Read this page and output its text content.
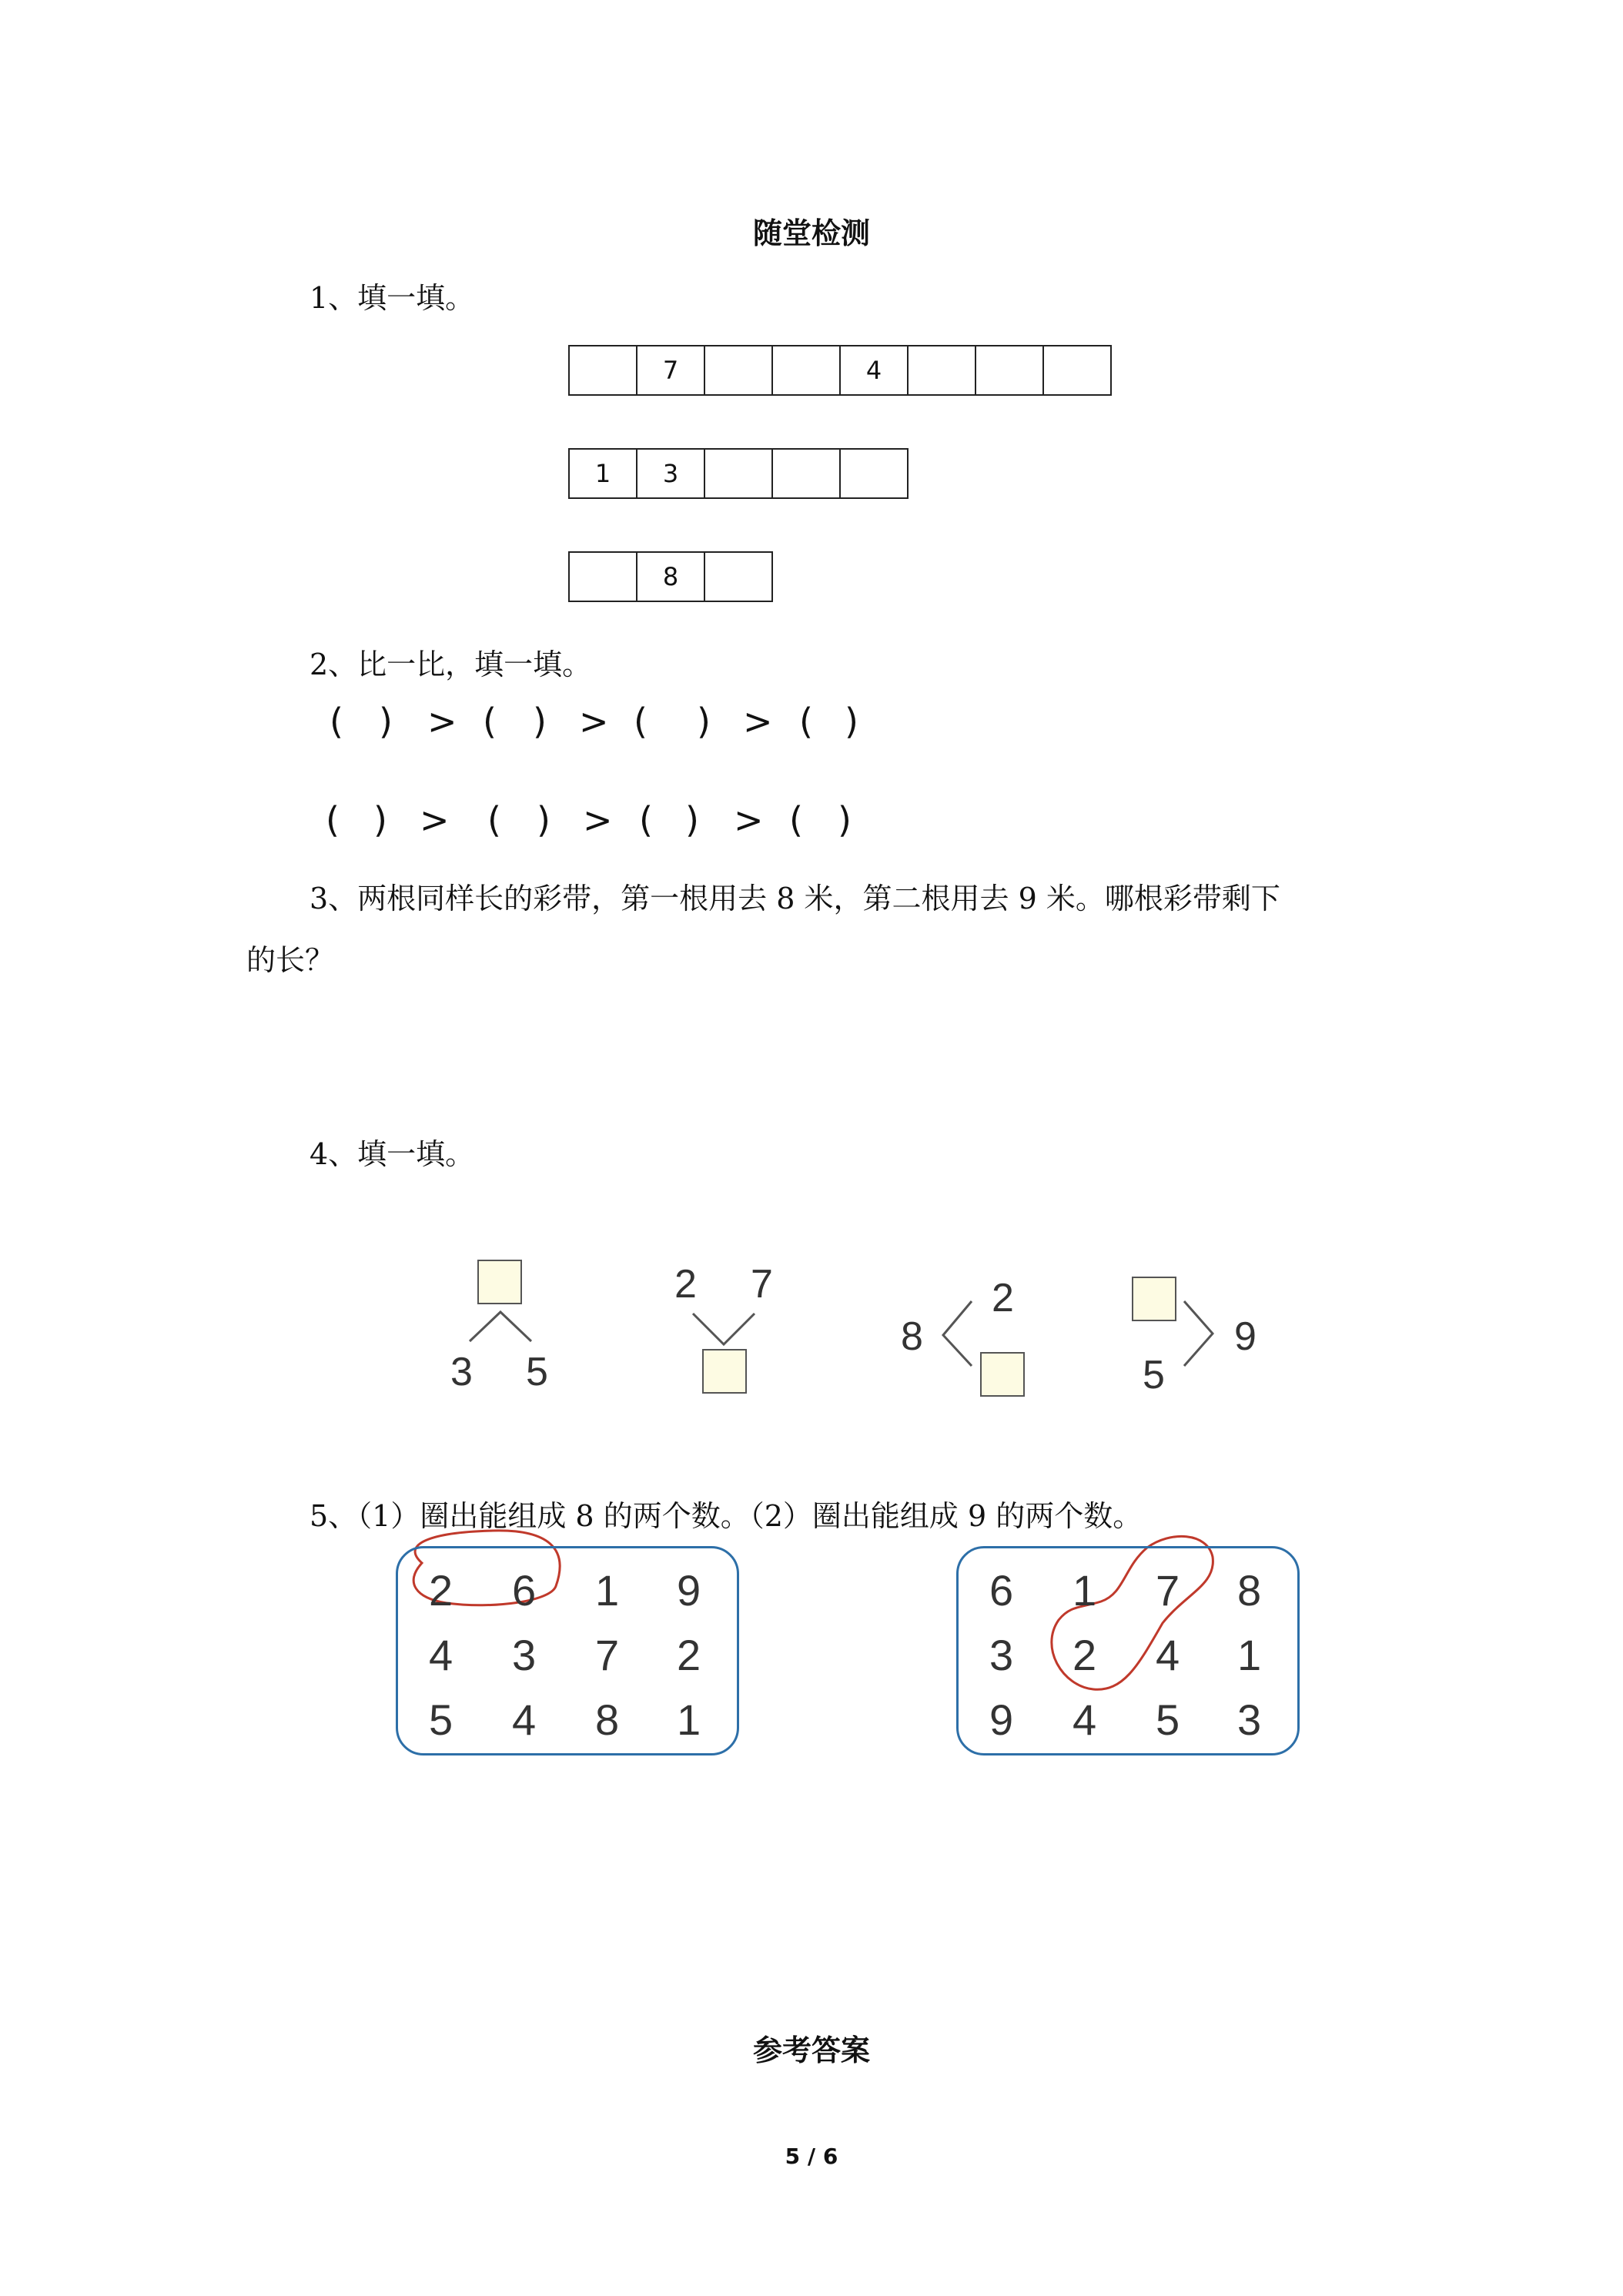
随堂检测
1、填一填。
7	4
1	3
8
2、比一比，填一填。
( ) > ( ) > ( ) > ( )
( ) > ( ) > ( ) > ( )
3、两根同样长的彩带，第一根用去 8 米，第二根用去 9 米。哪根彩带剩下
的长？
4、填一填。
3 5
2 7
8
2
5
9
5、（1）圈出能组成 8 的两个数。（2）圈出能组成 9 的两个数。
2 6 1 9
4 3 7 2
5 4 8 1
6 1 7 8
3 2 4 1
9 4 5 3
参考答案
5 / 6
